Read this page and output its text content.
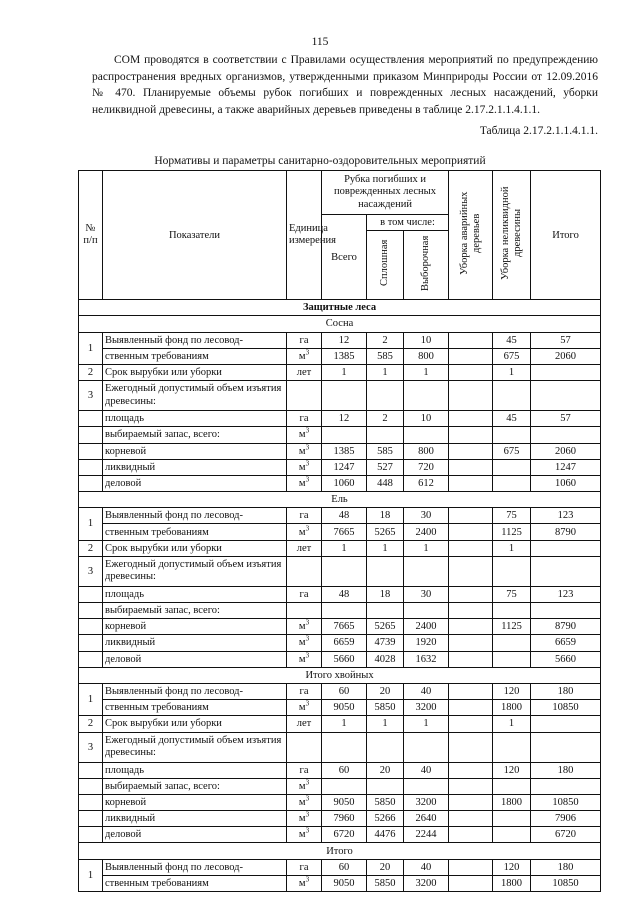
115

СОМ проводятся в соответствии с Правилами осуществления мероприятий по предупреждению распространения вредных организмов, утвержденными приказом Минприроды России от 12.09.2016 № 470. Планируемые объемы рубок погибших и поврежденных лесных насаждений, уборки неликвидной древесины, а также аварийных деревьев приведены в таблице 2.17.2.1.1.4.1.1.

Таблица 2.17.2.1.1.4.1.1.
Нормативы и параметры санитарно-оздоровительных мероприятий
№ п/п	Показатели	Единица измерения	Рубка погибших и поврежденных лесных насаждений			Уборка аварийных деревьев	Уборка неликвидной древесины	Итого
			Всего	в том числе:				
				Сплошная	Выборочная			
Защитные леса								
Сосна								
1	Выявленный фонд по лесовод-	га	12	2	10		45	57
	ственным требованиям	$м^3$	1385	585	800		675	2060
2	Срок вырубки или уборки	лет	1	1	1		1	
3	Ежегодный допустимый объем изъятия древесины:							
	площадь	га	12	2	10		45	57
	выбираемый запас, всего:	$м^3$						
	корневой	$м^3$	1385	585	800		675	2060
	ликвидный	$м^3$	1247	527	720			1247
	деловой	$м^3$	1060	448	612			1060
Ель								
1	Выявленный фонд по лесовод-	га	48	18	30		75	123
	ственным требованиям	$м^3$	7665	5265	2400		1125	8790
2	Срок вырубки или уборки	лет	1	1	1		1	
3	Ежегодный допустимый объем изъятия древесины:							
	площадь	га	48	18	30		75	123
	выбираемый запас, всего:							
	корневой	$м^3$	7665	5265	2400		1125	8790
	ликвидный	$м^3$	6659	4739	1920			6659
	деловой	$м^3$	5660	4028	1632			5660
Итого хвойных								
1	Выявленный фонд по лесовод-	га	60	20	40		120	180
	ственным требованиям	$м^3$	9050	5850	3200		1800	10850
2	Срок вырубки или уборки	лет	1	1	1		1	
3	Ежегодный допустимый объем изъятия древесины:							
	площадь	га	60	20	40		120	180
	выбираемый запас, всего:	$м^3$						
	корневой	$м^3$	9050	5850	3200		1800	10850
	ликвидный	$м^3$	7960	5266	2640			7906
	деловой	$м^3$	6720	4476	2244			6720
Итого								
1	Выявленный фонд по лесовод-	га	60	20	40		120	180
	ственным требованиям	$м^3$	9050	5850	3200		1800	10850
